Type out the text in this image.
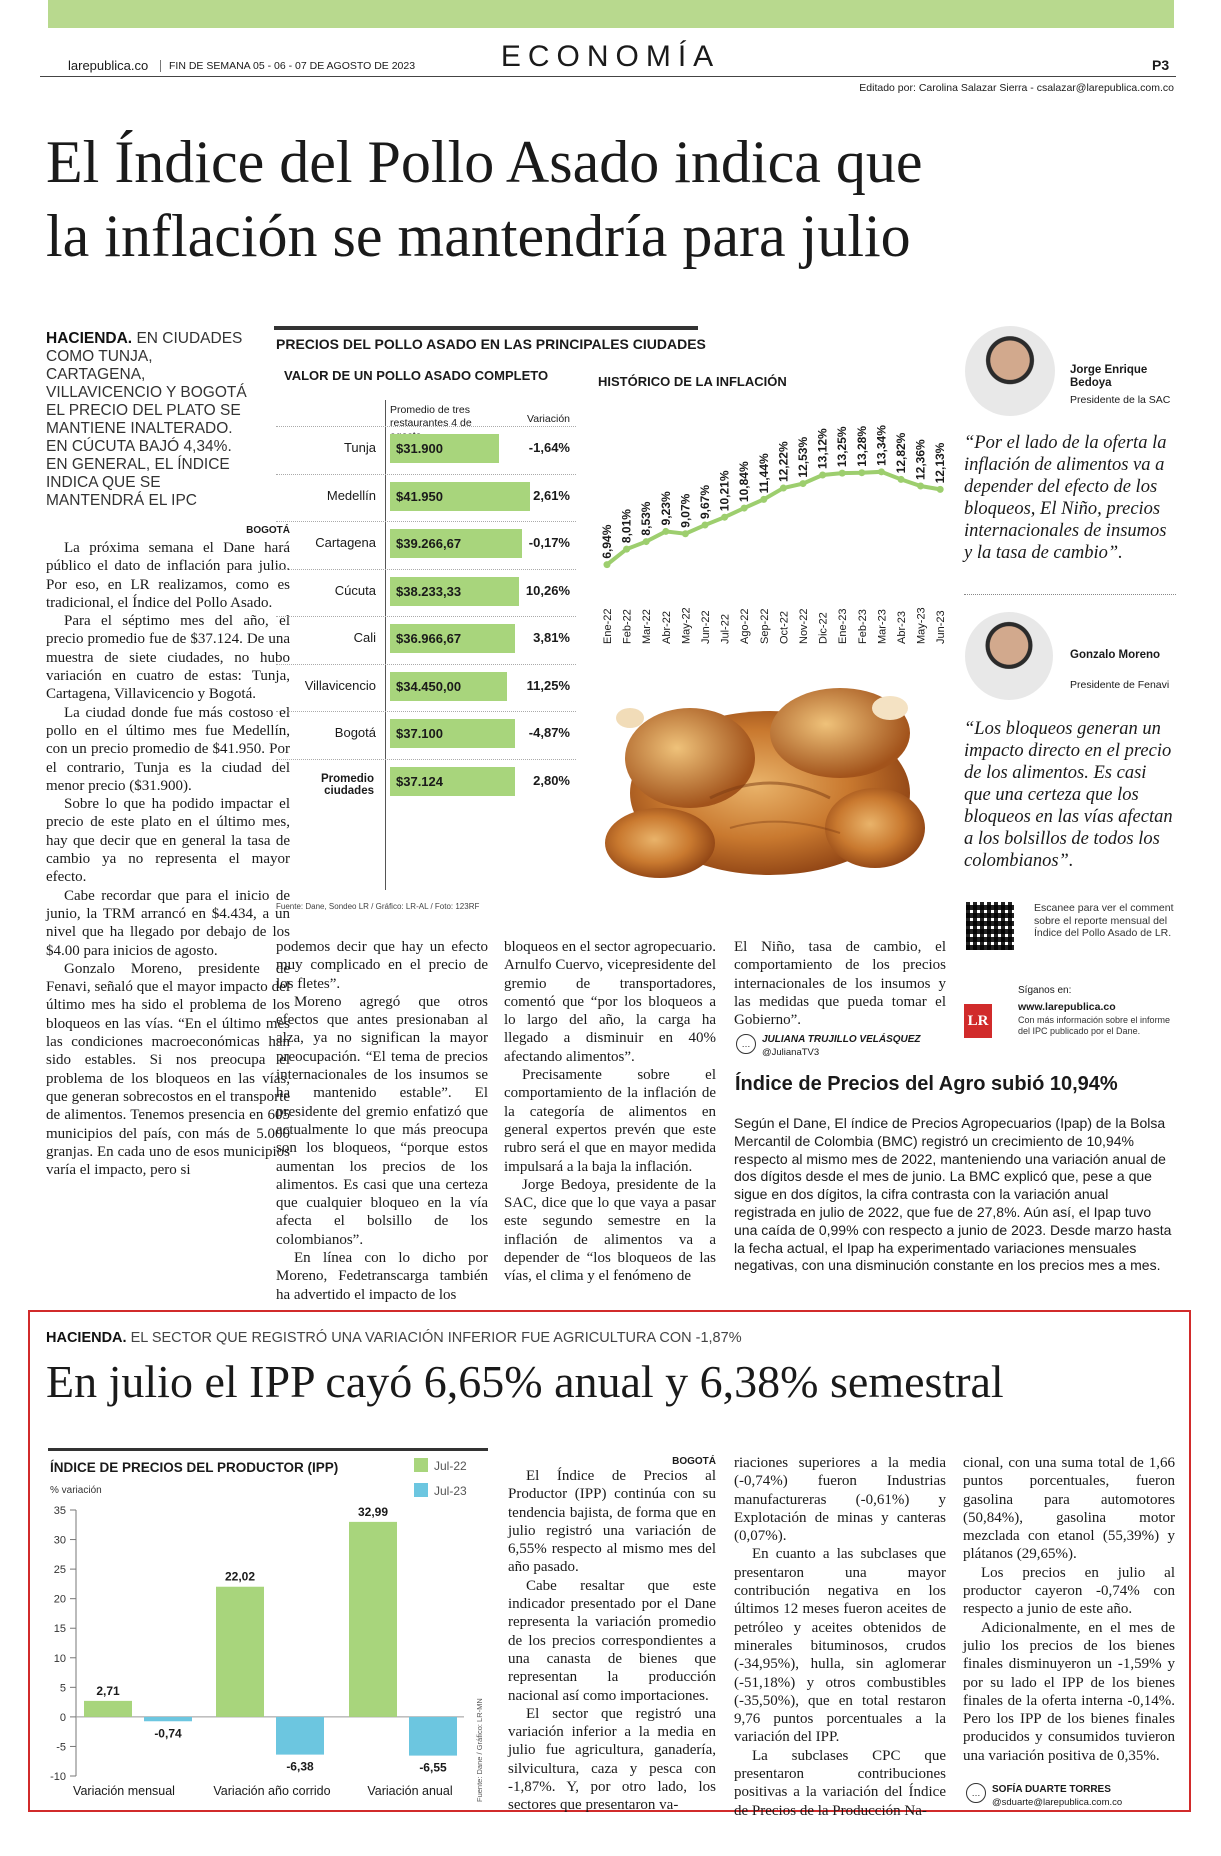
larepublica.co	FIN DE SEMANA 05 - 06 - 07 DE AGOSTO DE 2023	ECONOMÍA	P3
Editado por: Carolina Salazar Sierra - csalazar@larepublica.com.co
El Índice del Pollo Asado indica que
la inflación se mantendría para julio
HACIENDA. EN CIUDADES COMO TUNJA, CARTAGENA, VILLAVICENCIO Y BOGOTÁ EL PRECIO DEL PLATO SE MANTIENE INALTERADO. EN CÚCUTA BAJÓ 4,34%. EN GENERAL, EL ÍNDICE INDICA QUE SE MANTENDRÁ EL IPC
BOGOTÁ

La próxima semana el Dane hará público el dato de inflación para julio. Por eso, en LR realizamos, como es tradicional, el Índice del Pollo Asado.

Para el séptimo mes del año, el precio promedio fue de $37.124. De una muestra de siete ciudades, no hubo variación en cuatro de estas: Tunja, Cartagena, Villavicencio y Bogotá.

La ciudad donde fue más costoso el pollo en el último mes fue Medellín, con un precio promedio de $41.950. Por el contrario, Tunja es la ciudad del menor precio ($31.900).

Sobre lo que ha podido impactar el precio de este plato en el último mes, hay que decir que en general la tasa de cambio ya no representa el mayor efecto.

Cabe recordar que para el inicio de junio, la TRM arrancó en $4.434, a un nivel que ha llegado por debajo de los $4.00 para inicios de agosto.

Gonzalo Moreno, presidente de Fenavi, señaló que el mayor impacto del último mes ha sido el problema de los bloqueos en las vías. “En el último mes las condiciones macroeconómicas han sido estables. Si nos preocupa el problema de los bloqueos en las vías, que generan sobrecostos en el transporte de alimentos. Tenemos presencia en 605 municipios del país, con más de 5.000 granjas. En cada uno de esos municipios varía el impacto, pero si

PRECIOS DEL POLLO ASADO EN LAS PRINCIPALES CIUDADES
VALOR DE UN POLLO ASADO COMPLETO
Promedio de tres restaurantes 4 de	Variación
Tunja	$31.900	-1,64%
Medellín	$41.950	2,61%
Cartagena	$39.266,67	-0,17%
Cúcuta	$38.233,33	10,26%
Cali	$36.966,67	3,81%
Villavicencio	$34.450,00	11,25%
Bogotá	$37.100	-4,87%
Promedio ciudades
$37.124	2,80%
Fuente: Dane, Sondeo LR / Gráfico: LR-AL / Foto: 123RF
HISTÓRICO DE LA INFLACIÓN
6,94%
Ene-22
8,01%
Feb-22
8,53%
Mar-22
9,23%
Abr-22
9,07%
May-22
9,67%
Jun-22
10,21%
Jul-22
10,84%
Ago-22
11,44%
Sep-22
12,22%
Oct-22
12,53%
Nov-22
13,12%
Dic-22
13,25%
Ene-23
13,28%
Feb-23
13,34%
Mar-23
12,82%
Abr-23
12,36%
May-23
12,13%
Jun-23
Jorge Enrique Bedoya
Presidente de la SAC
“Por el lado de la oferta la inflación de alimentos va a depender del efecto de los bloqueos, El Niño, precios internacionales de insumos y la tasa de cambio”.
Gonzalo Moreno
Presidente de Fenavi
“Los bloqueos generan un impacto directo en el precio de los alimentos. Es casi que una certeza que los bloqueos en las vías afectan a los bolsillos de todos los colombianos”.
Escanee para ver el comment sobre el reporte mensual del Índice del Pollo Asado de LR.
Síganos en:
LR
www.larepublica.co
Con más información sobre el informe del IPC publicado por el Dane.

podemos decir que hay un efecto muy complicado en el precio de los fletes”.

Moreno agregó que otros efectos que antes presionaban al alza, ya no significan la mayor preocupación. “El tema de precios internacionales de los insumos se ha mantenido estable”. El presidente del gremio enfatizó que actualmente lo que más preocupa son los bloqueos, “porque estos aumentan los precios de los alimentos. Es casi que una certeza que cualquier bloqueo en la vía afecta el bolsillo de los colombianos”.

En línea con lo dicho por Moreno, Fedetranscarga también ha advertido el impacto de los

bloqueos en el sector agropecuario. Arnulfo Cuervo, vicepresidente del gremio de transportadores, comentó que “por los bloqueos a lo largo del año, la carga ha llegado a disminuir en 40% afectando alimentos”.

Precisamente sobre el comportamiento de la inflación de la categoría de alimentos en general expertos prevén que este rubro será el que en mayor medida impulsará a la baja la inflación.

Jorge Bedoya, presidente de la SAC, dice que lo que vaya a pasar este segundo semestre en la inflación de alimentos va a depender de “los bloqueos de las vías, el clima y el fenómeno de

El Niño, tasa de cambio, el comportamiento de los precios internacionales de los insumos y las medidas que pueda tomar el Gobierno”.

…	JULIANA TRUJILLO VELÁSQUEZ
@JulianaTV3
Índice de Precios del Agro subió 10,94%
Según el Dane, El índice de Precios Agropecuarios (Ipap) de la Bolsa Mercantil de Colombia (BMC) registró un crecimiento de 10,94% respecto al mismo mes de 2022, manteniendo una variación anual de dos dígitos desde el mes de junio. La BMC explicó que, pese a que sigue en dos dígitos, la cifra contrasta con la variación anual registrada en julio de 2022, que fue de 27,8%. Aún así, el Ipap tuvo una caída de 0,99% con respecto a junio de 2023. Desde marzo hasta la fecha actual, el Ipap ha experimentado variaciones mensuales negativas, con una disminución constante en los precios mes a mes.
HACIENDA. EL SECTOR QUE REGISTRÓ UNA VARIACIÓN INFERIOR FUE AGRICULTURA CON -1,87%
En julio el IPP cayó 6,65% anual y 6,38% semestral
ÍNDICE DE PRECIOS DEL PRODUCTOR (IPP)
% variación
35
30
25
20
15
10
5
0
-5
-10
2,71
22,02
32,99
Jul-22
-0,74
-6,38	-6,55
Jul-23
Variación mensual	Variación año corrido	Variación anual	Fuente: Dane / Gráfico: LR-MN
BOGOTÁ

El Índice de Precios al Productor (IPP) continúa con su tendencia bajista, de forma que en julio registró una variación de 6,55% respecto al mismo mes del año pasado.

Cabe resaltar que este indicador presentado por el Dane representa la variación promedio de los precios correspondientes a una canasta de bienes que representan la producción nacional así como importaciones.

El sector que registró una variación inferior a la media en julio fue agricultura, ganadería, silvicultura, caza y pesca con -1,87%. Y, por otro lado, los sectores que presentaron va-

riaciones superiores a la media (-0,74%) fueron Industrias manufactureras (-0,61%) y Explotación de minas y canteras (0,07%).

En cuanto a las subclases que presentaron una mayor contribución negativa en los últimos 12 meses fueron aceites de petróleo y aceites obtenidos de minerales bituminosos, crudos (-34,95%), hulla, sin aglomerar (-51,18%) y otros combustibles (-35,50%), que en total restaron 9,76 puntos porcentuales a la variación del IPP.

La subclases CPC que presentaron contribuciones positivas a la variación del Índice de Precios de la Producción Na-

cional, con una suma total de 1,66 puntos porcentuales, fueron gasolina para automotores (50,84%), gasolina motor mezclada con etanol (55,39%) y plátanos (29,65%).

Los precios en julio al productor cayeron -0,74% con respecto a junio de este año.

Adicionalmente, en el mes de julio los precios de los bienes finales disminuyeron un -1,59% y por su lado el IPP de los bienes finales de la oferta interna -0,14%. Pero los IPP de los bienes finales producidos y consumidos tuvieron una variación positiva de 0,35%.

…	SOFÍA DUARTE TORRES
@sduarte@larepublica.com.co
